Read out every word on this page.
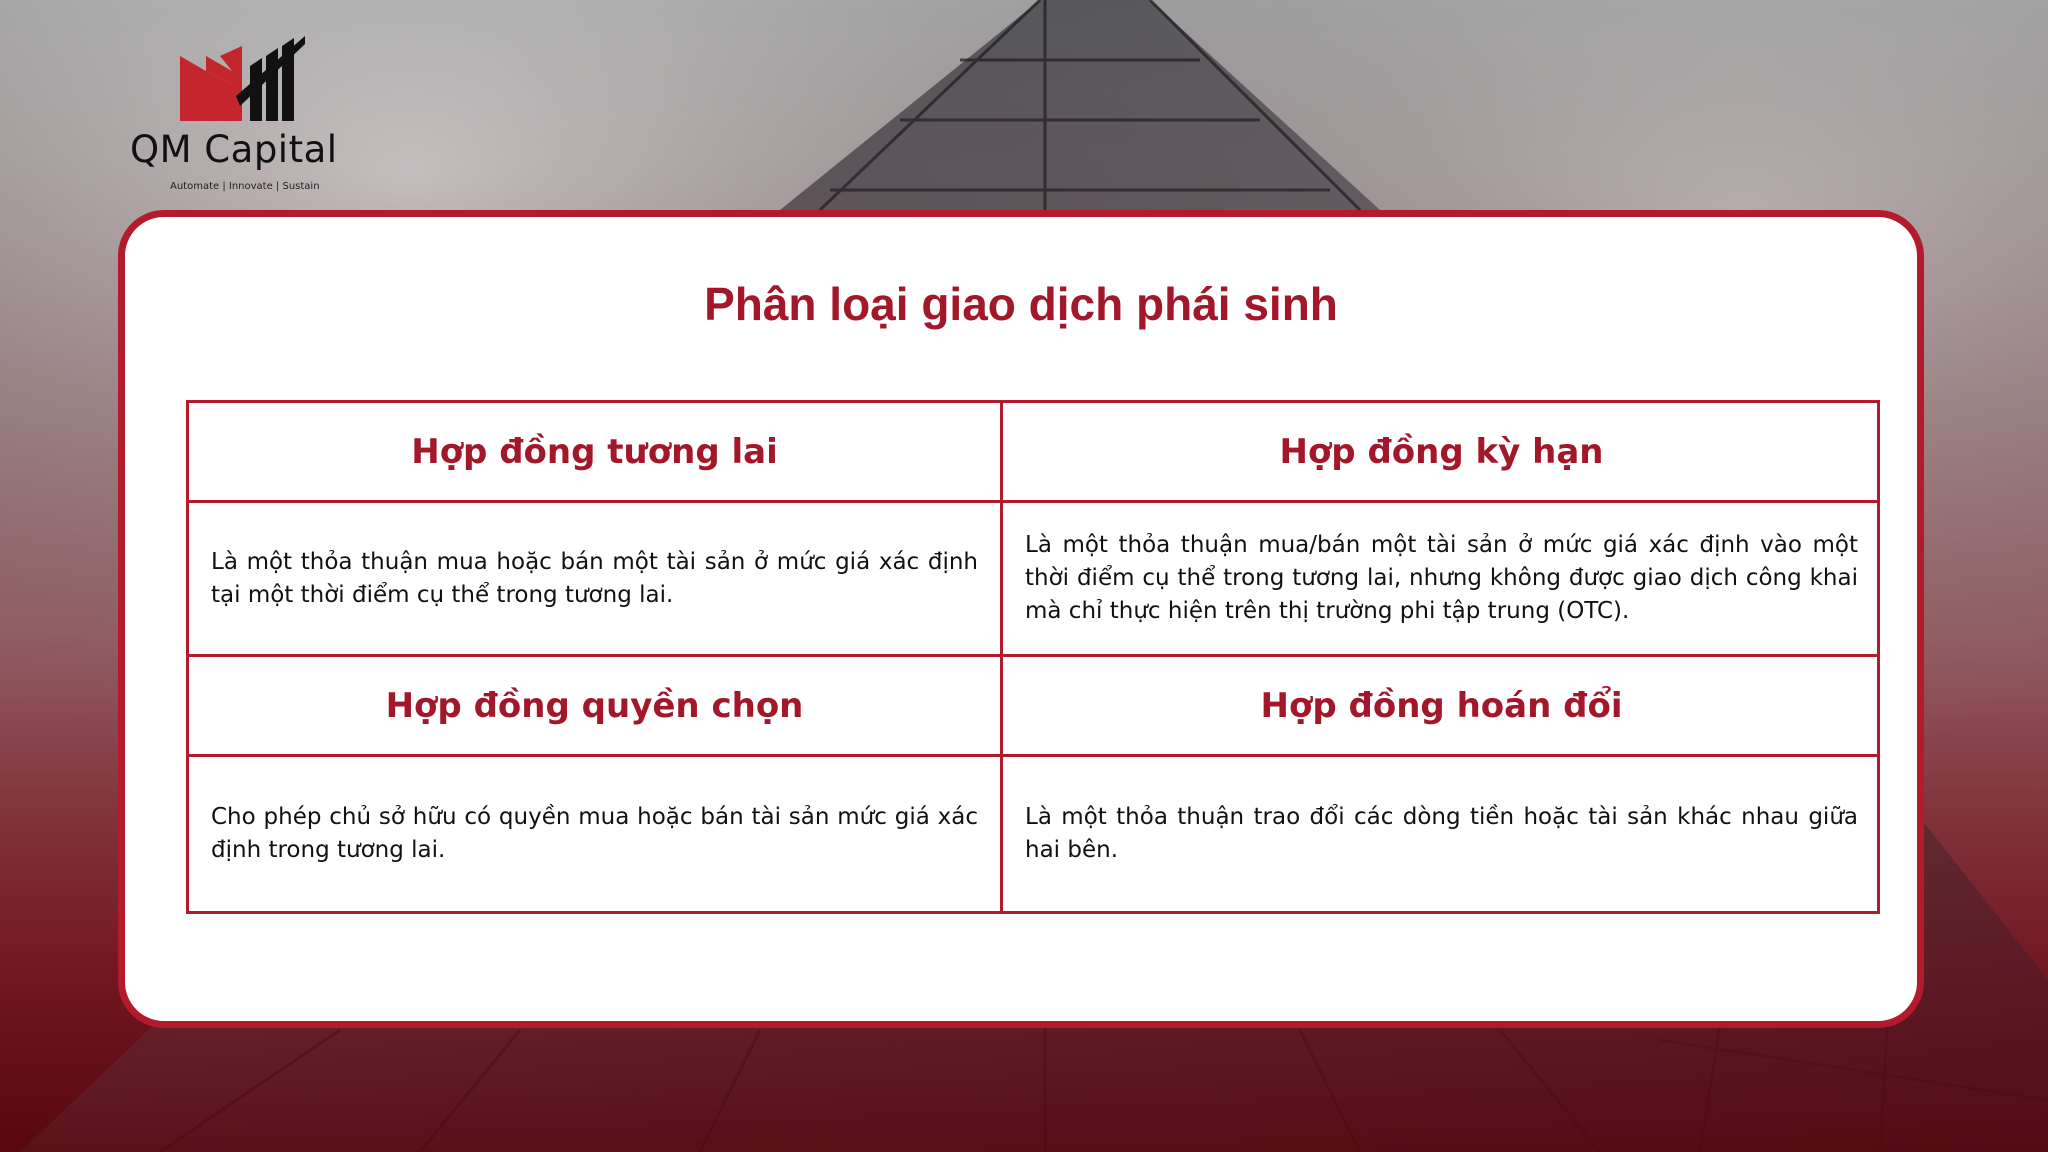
QM Capital
Automate | Innovate | Sustain
Phân loại giao dịch phái sinh
Hợp đồng tương lai	Hợp đồng kỳ hạn
Là một thỏa thuận mua hoặc bán một tài sản ở mức giá xác định tại một thời điểm cụ thể trong tương lai.
Là một thỏa thuận mua/bán một tài sản ở mức giá xác định vào một thời điểm cụ thể trong tương lai, nhưng không được giao dịch công khai mà chỉ thực hiện trên thị trường phi tập trung (OTC).
Hợp đồng quyền chọn	Hợp đồng hoán đổi
Cho phép chủ sở hữu có quyền mua hoặc bán tài sản mức giá xác định trong tương lai.
Là một thỏa thuận trao đổi các dòng tiền hoặc tài sản khác nhau giữa hai bên.
